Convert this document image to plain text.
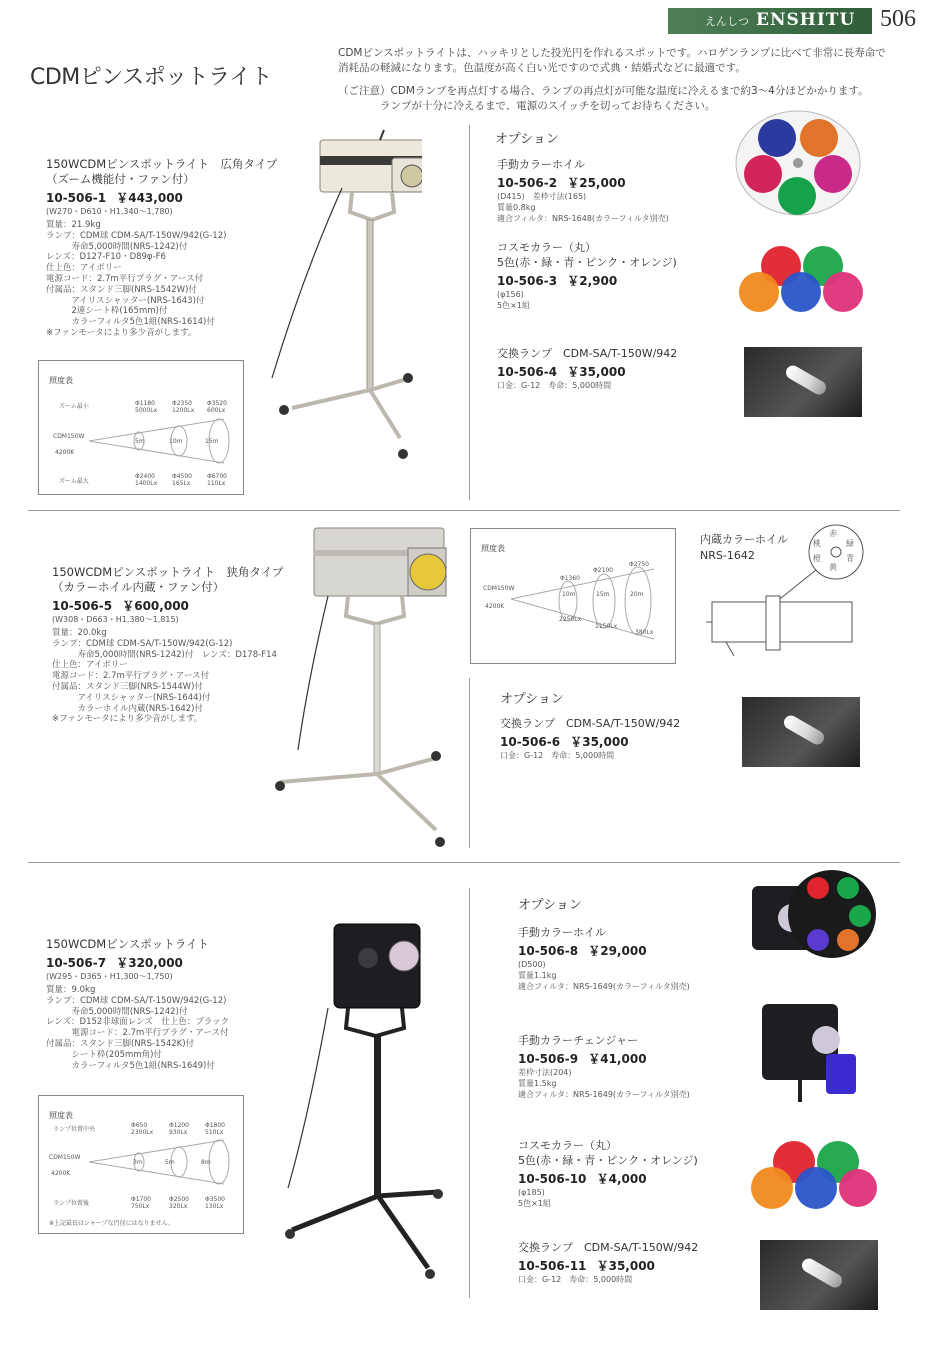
えんしつ ENSHITU 506
CDMピンスポットライト
CDMピンスポットライトは、ハッキリとした投光円を作れるスポットです。ハロゲンランプに比べて非常に長寿命で
消耗品の軽減になります。色温度が高く白い光ですので式典・結婚式などに最適です。
（ご注意）CDMランプを再点灯する場合、ランプの再点灯が可能な温度に冷えるまで約3〜4分ほどかかります。
ランプが十分に冷えるまで、電源のスイッチを切ってお待ちください。
150WCDMピンスポットライト　広角タイプ
（ズーム機能付・ファン付）
10-506-1 ￥443,000
(W270・D610・H1,340〜1,780)
質量：21.9kg
ランプ：CDM球 CDM-SA/T-150W/942(G-12)
　　　寿命5,000時間(NRS-1242)付
レンズ：D127-F10・D89φ-F6
仕上色：アイボリー
電源コード：2.7m平行プラグ・アース付
付属品：スタンド三脚(NRS-1542W)付
　　　アイリスシャッター(NRS-1643)付
　　　2連シート枠(165mm)付
　　　カラーフィルタ5色1組(NRS-1614)付
※ファンモータにより多少音がします。
照度表
ズーム最小
ズーム最大
CDM150W
4200K
Φ1180
5000Lx
Φ2350
1200Lx
Φ3520
600Lx
5m	10m	15m
Φ2400
1400Lx
Φ4500
165Lx
Φ6700
110Lx
オプション
手動カラーホイル
10-506-2 ￥25,000
(D415)　差枠寸法(165)
質量0.8kg
適合フィルタ：NRS-1648(カラーフィルタ別売)
コスモカラー（丸）
5色(赤・緑・青・ピンク・オレンジ)
10-506-3 ￥2,900
(φ156)
5色×1組
交換ランプ　CDM-SA/T-150W/942
10-506-4 ￥35,000
口金：G-12　寿命：5,000時間
150WCDMピンスポットライト　狭角タイプ
（カラーホイル内蔵・ファン付）
10-506-5 ￥600,000
(W308・D663・H1,380〜1,815)
質量：20.0kg
ランプ：CDM球 CDM-SA/T-150W/942(G-12)
　　　寿命5,000時間(NRS-1242)付　レンズ：D178-F14
仕上色：アイボリー
電源コード：2.7m平行プラグ・アース付
付属品：スタンド三脚(NRS-1544W)付
　　　アイリスシャッター(NRS-1644)付
　　　カラーホイル内蔵(NRS-1642)付
※ファンモータにより多少音がします。
照度表
CDM150W
4200K
Φ1360
Φ2100
Φ2750
10m	15m	20m
2250Lx
1150Lx
380Lx
内蔵カラーホイル
NRS-1642
赤
緑
青
黄
橙
桃
オプション
交換ランプ　CDM-SA/T-150W/942
10-506-6 ￥35,000
口金：G-12　寿命：5,000時間
150WCDMピンスポットライト
10-506-7 ￥320,000
(W295・D365・H1,300〜1,750)
質量：9.0kg
ランプ：CDM球 CDM-SA/T-150W/942(G-12)
　　　寿命5,000時間(NRS-1242)付
レンズ：D152非球面レンズ　仕上色：ブラック
　　　電源コード：2.7m平行プラグ・アース付
付属品：スタンド三脚(NRS-1542K)付
　　　シート枠(205mm角)付
　　　カラーフィルタ5色1組(NRS-1649)付
照度表
ランプ位置中央
ランプ位置後
CDM150W
4200K
Φ650
2300Lx
Φ1200
930Lx
Φ1800
510Lx
3m	5m	8m
Φ1700
750Lx
Φ2500
320Lx
Φ3500
130Lx
※上記最長はシャープな円径にはなりません。
オプション
手動カラーホイル
10-506-8 ￥29,000
(D500)
質量1.1kg
適合フィルタ：NRS-1649(カラーフィルタ別売)
手動カラーチェンジャー
10-506-9 ￥41,000
差枠寸法(204)
質量1.5kg
適合フィルタ：NRS-1649(カラーフィルタ別売)
コスモカラー（丸）
5色(赤・緑・青・ピンク・オレンジ)
10-506-10 ￥4,000
(φ185)
5色×1組
交換ランプ　CDM-SA/T-150W/942
10-506-11 ￥35,000
口金：G-12　寿命：5,000時間
